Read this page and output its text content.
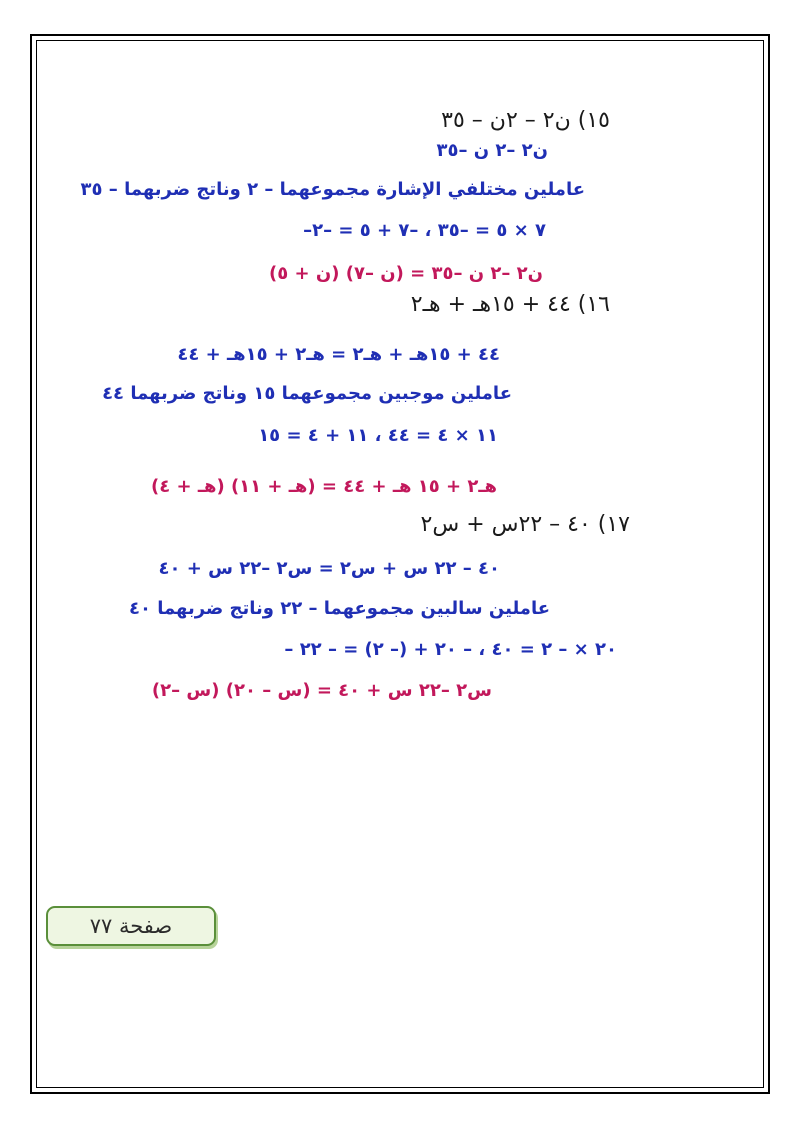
١٥) ن٢ – ٢ن – ٣٥
ن٢ –٢ ن –٣٥
عاملين مختلفي الإشارة مجموعهما – ٢ وناتج ضربهما – ٣٥
–٧ × ٥ = –٣٥ ، –٧ + ٥ = –٢
ن٢ –٢ ن –٣٥ = (ن –٧) (ن + ٥)
١٦) ٤٤ + ١٥هـ + هـ٢
٤٤ + ١٥هـ + هـ٢ = هـ٢ + ١٥هـ + ٤٤
عاملين موجبين مجموعهما ١٥ وناتج ضربهما ٤٤
١١ × ٤ = ٤٤ ، ١١ + ٤ = ١٥
هـ٢ + ١٥ هـ + ٤٤ = (هـ + ١١) (هـ + ٤)
١٧) ٤٠ – ٢٢س + س٢
٤٠ – ٢٢ س + س٢ = س٢ –٢٢ س + ٤٠
عاملين سالبين مجموعهما – ٢٢ وناتج ضربهما ٤٠
– ٢٠ × – ٢ = ٤٠ ، – ٢٠ + (– ٢) = – ٢٢
س٢ –٢٢ س + ٤٠ = (س – ٢٠) (س –٢)
صفحة ٧٧
